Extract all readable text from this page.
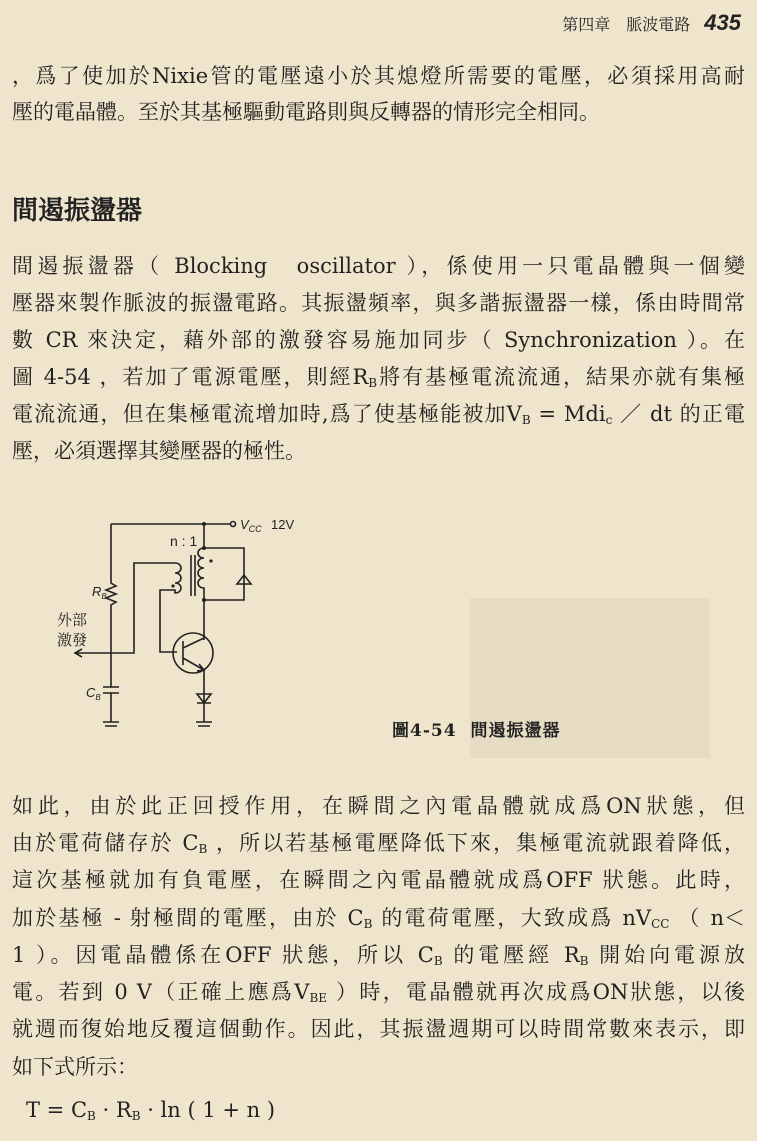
第四章　脈波電路 435
，爲了使加於Nixie管的電壓遠小於其熄燈所需要的電壓，必須採用高耐
壓的電晶體。至於其基極驅動電路則與反轉器的情形完全相同。
間遏振盪器
間遏振盪器（ Blocking　oscillator ），係使用一只電晶體與一個變
壓器來製作脈波的振盪電路。其振盪頻率，與多諧振盪器一樣，係由時間常
數 CR 來決定，藉外部的激發容易施加同步（ Synchronization ）。在
圖 4-54 ，若加了電源電壓，則經$R_B$將有基極電流流通，結果亦就有集極
電流流通，但在集極電流增加時,爲了使基極能被加$V_B = Mdi_c$ ／ dt 的正電
壓，必須選擇其變壓器的極性。
$V_{CC}$ 12V
n : 1
$R_B$
$C_B$
外部
激發
圖4-54 間遏振盪器
如此，由於此正回授作用，在瞬間之內電晶體就成爲ON狀態，但
由於電荷儲存於 $C_B$ ，所以若基極電壓降低下來，集極電流就跟着降低，
這次基極就加有負電壓，在瞬間之內電晶體就成爲OFF 狀態。此時，
加於基極 - 射極間的電壓，由於 $C_B$ 的電荷電壓，大致成爲 $nV_{CC}$ （ n＜
1 ）。因電晶體係在OFF 狀態，所以 $C_B$ 的電壓經 $R_B$ 開始向電源放
電。若到 0 V（正確上應爲$V_{BE}$ ）時，電晶體就再次成爲ON狀態，以後
就週而復始地反覆這個動作。因此，其振盪週期可以時間常數來表示，即
如下式所示：
$T = C_B \cdot R_B \cdot \ln$ ( 1 + n )
